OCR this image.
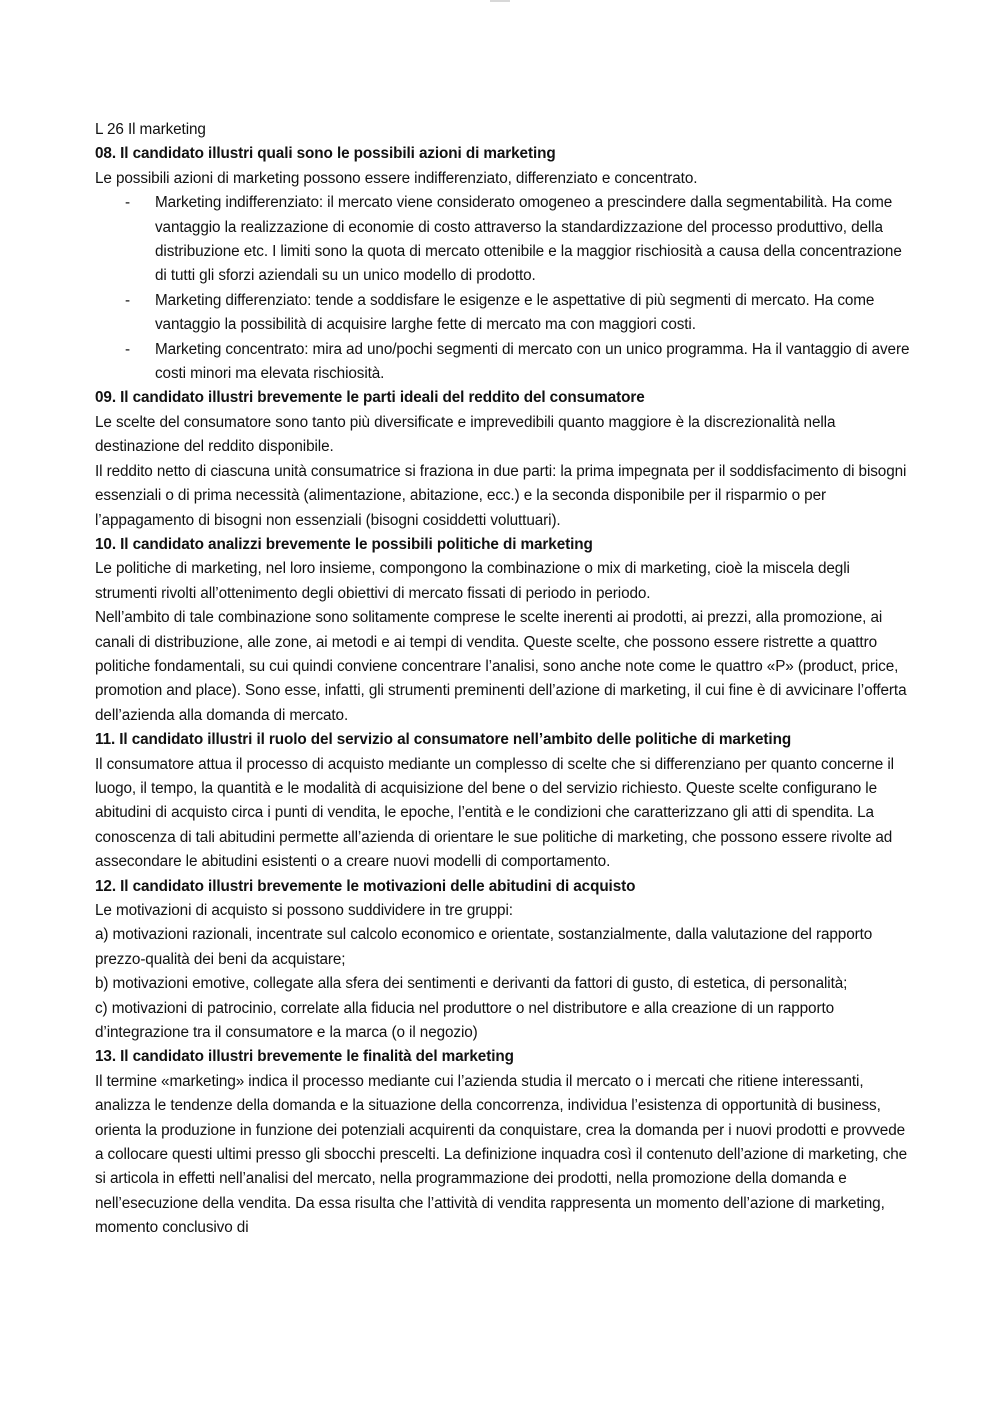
L 26 Il marketing

08. Il candidato illustri quali sono le possibili azioni di marketing

Le possibili azioni di marketing possono essere indifferenziato, differenziato e concentrato.

- Marketing indifferenziato: il mercato viene considerato omogeneo a prescindere dalla segmentabilità. Ha come vantaggio la realizzazione di economie di costo attraverso la standardizzazione del processo produttivo, della distribuzione etc. I limiti sono la quota di mercato ottenibile e la maggior rischiosità a causa della concentrazione di tutti gli sforzi aziendali su un unico modello di prodotto.
- Marketing differenziato: tende a soddisfare le esigenze e le aspettative di più segmenti di mercato. Ha come vantaggio la possibilità di acquisire larghe fette di mercato ma con maggiori costi.
- Marketing concentrato: mira ad uno/pochi segmenti di mercato con un unico programma. Ha il vantaggio di avere costi minori ma elevata rischiosità.

09. Il candidato illustri brevemente le parti ideali del reddito del consumatore

Le scelte del consumatore sono tanto più diversificate e imprevedibili quanto maggiore è la discrezionalità nella destinazione del reddito disponibile.

Il reddito netto di ciascuna unità consumatrice si fraziona in due parti: la prima impegnata per il soddisfacimento di bisogni essenziali o di prima necessità (alimentazione, abitazione, ecc.) e la seconda disponibile per il risparmio o per l’appagamento di bisogni non essenziali (bisogni cosiddetti voluttuari).

10. Il candidato analizzi brevemente le possibili politiche di marketing

Le politiche di marketing, nel loro insieme, compongono la combinazione o mix di marketing, cioè la miscela degli strumenti rivolti all’ottenimento degli obiettivi di mercato fissati di periodo in periodo.

Nell’ambito di tale combinazione sono solitamente comprese le scelte inerenti ai prodotti, ai prezzi, alla promozione, ai canali di distribuzione, alle zone, ai metodi e ai tempi di vendita. Queste scelte, che possono essere ristrette a quattro politiche fondamentali, su cui quindi conviene concentrare l’analisi, sono anche note come le quattro «P» (product, price, promotion and place). Sono esse, infatti, gli strumenti preminenti dell’azione di marketing, il cui fine è di avvicinare l’offerta dell’azienda alla domanda di mercato.

11. Il candidato illustri il ruolo del servizio al consumatore nell’ambito delle politiche di marketing

Il consumatore attua il processo di acquisto mediante un complesso di scelte che si differenziano per quanto concerne il luogo, il tempo, la quantità e le modalità di acquisizione del bene o del servizio richiesto. Queste scelte configurano le abitudini di acquisto circa i punti di vendita, le epoche, l’entità e le condizioni che caratterizzano gli atti di spendita. La conoscenza di tali abitudini permette all’azienda di orientare le sue politiche di marketing, che possono essere rivolte ad assecondare le abitudini esistenti o a creare nuovi modelli di comportamento.

12. Il candidato illustri brevemente le motivazioni delle abitudini di acquisto

Le motivazioni di acquisto si possono suddividere in tre gruppi:

a) motivazioni razionali, incentrate sul calcolo economico e orientate, sostanzialmente, dalla valutazione del rapporto prezzo-qualità dei beni da acquistare;

b) motivazioni emotive, collegate alla sfera dei sentimenti e derivanti da fattori di gusto, di estetica, di personalità;

c) motivazioni di patrocinio, correlate alla fiducia nel produttore o nel distributore e alla creazione di un rapporto d’integrazione tra il consumatore e la marca (o il negozio)

13. Il candidato illustri brevemente le finalità del marketing

Il termine «marketing» indica il processo mediante cui l’azienda studia il mercato o i mercati che ritiene interessanti, analizza le tendenze della domanda e la situazione della concorrenza, individua l’esistenza di opportunità di business, orienta la produzione in funzione dei potenziali acquirenti da conquistare, crea la domanda per i nuovi prodotti e provvede a collocare questi ultimi presso gli sbocchi prescelti. La definizione inquadra così il contenuto dell’azione di marketing, che si articola in effetti nell’analisi del mercato, nella programmazione dei prodotti, nella promozione della domanda e nell’esecuzione della vendita. Da essa risulta che l’attività di vendita rappresenta un momento dell’azione di marketing, momento conclusivo di
